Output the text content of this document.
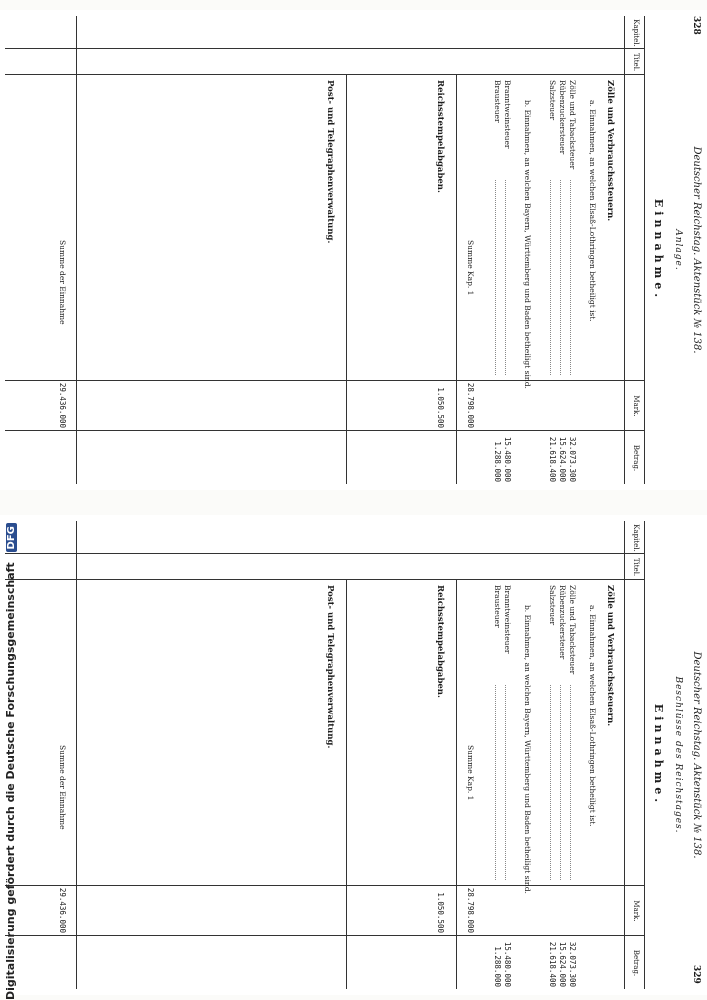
328
Deutscher Reichstag. Aktenstück № 138.
Anlage.
Einnahme.
Kapitel.
Titel.
Mark.
Betrag.
Zölle und Verbrauchssteuern.
a. Einnahmen, an welchen Elsaß-Lothringen betheiligt ist.
Zölle und Tabacksteuer
Rübenzuckersteuer
Salzsteuer
32.073.300
15.624.000
21.618.400
b. Einnahmen, an welchen Bayern, Württemberg und Baden betheiligt sind.
Branntweinsteuer
Brausteuer
15.480.000
1.288.000
Summe Kap. 1
28.798.000
Reichsstempelabgaben.
1.050.500
Post- und Telegraphenverwaltung.
Summe der Einnahme
29.436.000
329
Deutscher Reichstag. Aktenstück № 138.
Beschlüsse des Reichstages.
Einnahme.
Kapitel.
Titel.
Mark.
Betrag.
Zölle und Verbrauchssteuern.
a. Einnahmen, an welchen Elsaß-Lothringen betheiligt ist.
Zölle und Tabacksteuer
Rübenzuckersteuer
Salzsteuer
32.073.300
15.624.000
21.618.400
b. Einnahmen, an welchen Bayern, Württemberg und Baden betheiligt sind.
Branntweinsteuer
Brausteuer
15.480.000
1.288.000
Summe Kap. 1
28.798.000
Reichsstempelabgaben.
1.050.500
Post- und Telegraphenverwaltung.
Summe der Einnahme
29.436.000
Digitalisierung gefördert durch die Deutsche Forschungsgemeinschaft DFG
